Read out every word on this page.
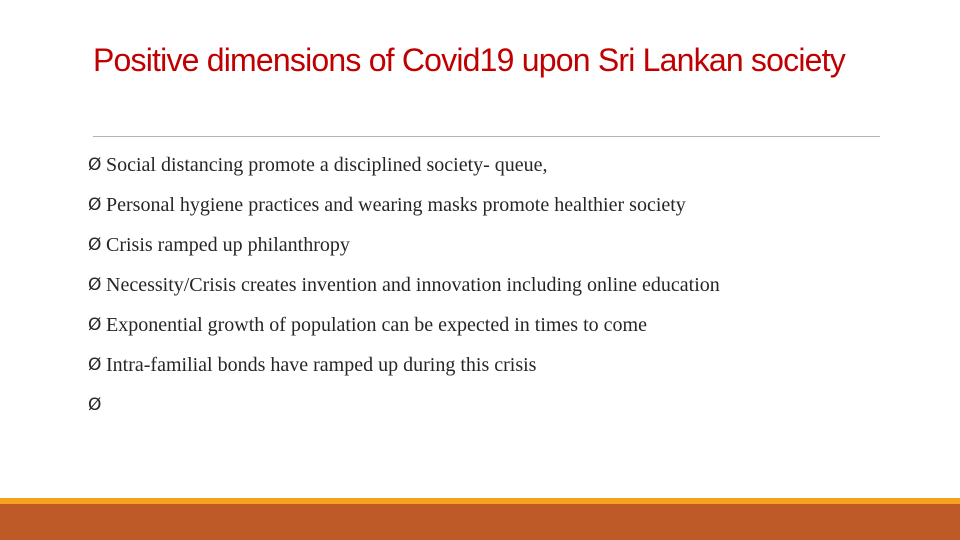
Positive dimensions of Covid19 upon Sri Lankan society
Ø Social distancing promote a disciplined society- queue,
Ø Personal hygiene practices and wearing masks promote healthier society
Ø Crisis ramped up philanthropy
Ø Necessity/Crisis creates invention and innovation including online education
Ø Exponential growth of population can be expected in times to come
Ø Intra-familial bonds have ramped up during this crisis
Ø
